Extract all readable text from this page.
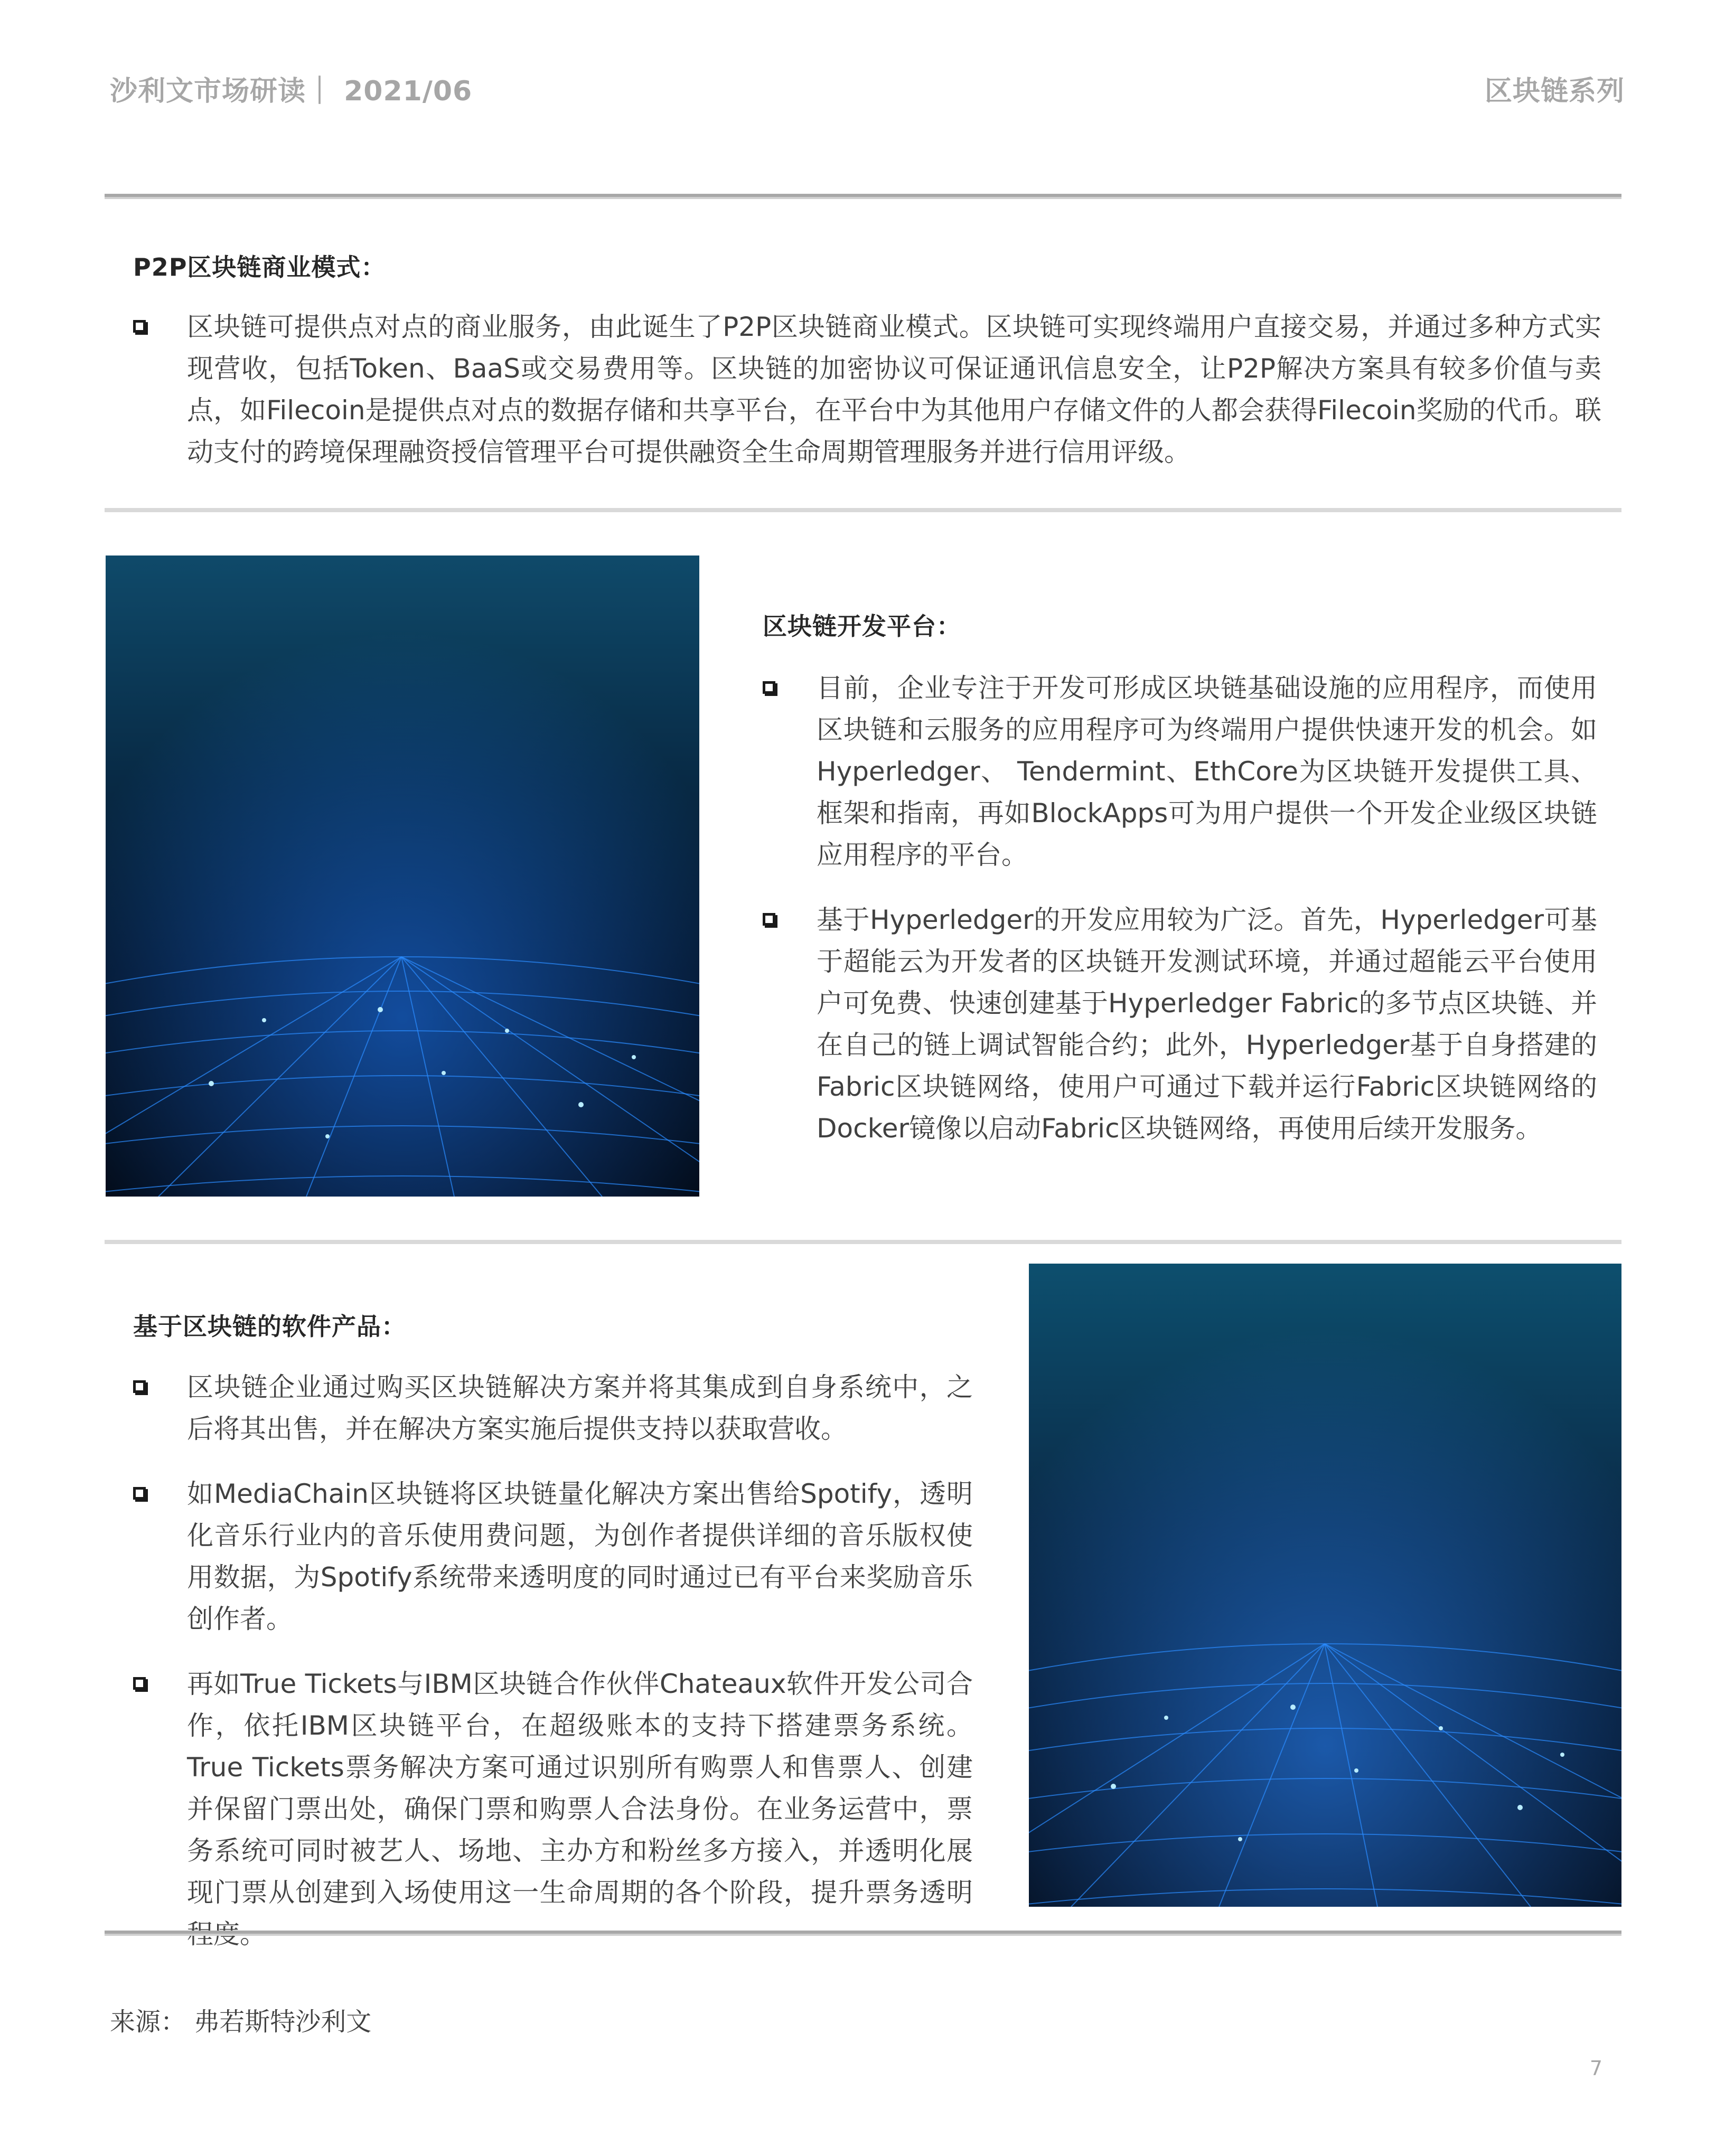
沙利文市场研读｜ 2021/06	区块链系列
P2P区块链商业模式：
区块链可提供点对点的商业服务，由此诞生了P2P区块链商业模式。区块链可实现终端用户直接交易，并通过多种方式实现营收，包括Token、BaaS或交易费用等。区块链的加密协议可保证通讯信息安全，让P2P解决方案具有较多价值与卖点，如Filecoin是提供点对点的数据存储和共享平台，在平台中为其他用户存储文件的人都会获得Filecoin奖励的代币。联动支付的跨境保理融资授信管理平台可提供融资全生命周期管理服务并进行信用评级。
区块链开发平台：
目前，企业专注于开发可形成区块链基础设施的应用程序，而使用区块链和云服务的应用程序可为终端用户提供快速开发的机会。如Hyperledger、 Tendermint、EthCore为区块链开发提供工具、框架和指南，再如BlockApps可为用户提供一个开发企业级区块链应用程序的平台。
基于Hyperledger的开发应用较为广泛。首先，Hyperledger可基于超能云为开发者的区块链开发测试环境，并通过超能云平台使用户可免费、快速创建基于Hyperledger Fabric的多节点区块链、并在自己的链上调试智能合约；此外，Hyperledger基于自身搭建的Fabric区块链网络，使用户可通过下载并运行Fabric区块链网络的Docker镜像以启动Fabric区块链网络，再使用后续开发服务。
基于区块链的软件产品：
区块链企业通过购买区块链解决方案并将其集成到自身系统中，之后将其出售，并在解决方案实施后提供支持以获取营收。
如MediaChain区块链将区块链量化解决方案出售给Spotify，透明化音乐行业内的音乐使用费问题，为创作者提供详细的音乐版权使用数据，为Spotify系统带来透明度的同时通过已有平台来奖励音乐创作者。
再如True Tickets与IBM区块链合作伙伴Chateaux软件开发公司合作，依托IBM区块链平台，在超级账本的支持下搭建票务系统。True Tickets票务解决方案可通过识别所有购票人和售票人、创建并保留门票出处，确保门票和购票人合法身份。在业务运营中，票务系统可同时被艺人、场地、主办方和粉丝多方接入，并透明化展现门票从创建到入场使用这一生命周期的各个阶段，提升票务透明
来源： 弗若斯特沙利文
7
